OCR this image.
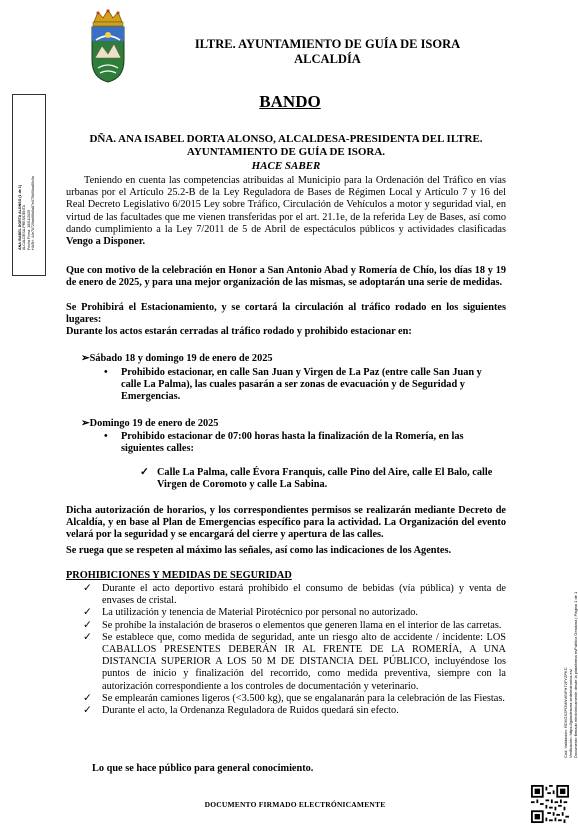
ILTRE. AYUNTAMIENTO DE GUÍA DE ISORA
ALCALDÍA
BANDO
ANA ISABEL DORTA ALONSO (1 de 1) ALCALDESA-PRESIDENTA Fecha Firma: 16/01/2025 HASH: 44e76729ab66b8a87e075b00ba80c0a
Cód. Validación: RDXGX2POMNWNFH72FYZPKC Verificación: https://guiadeisora.sedelectronica.es/ Documento firmado electrónicamente desde la plataforma esPublico Gestiona | Página 1 de 1
DÑA. ANA ISABEL DORTA ALONSO, ALCALDESA-PRESIDENTA DEL ILTRE.
AYUNTAMIENTO DE GUÍA DE ISORA.
HACE SABER

Teniendo en cuenta las competencias atribuidas al Municipio para la Ordenación del Tráfico en vías urbanas por el Artículo 25.2-B de la Ley Reguladora de Bases de Régimen Local y Artículo 7 y 16 del Real Decreto Legislativo 6/2015 Ley sobre Tráfico, Circulación de Vehículos a motor y seguridad vial, en virtud de las facultades que me vienen transferidas por el art. 21.1e, de la referida Ley de Bases, así como dando cumplimiento a la Ley 7/2011 de 5 de Abril de espectáculos públicos y actividades clasificadas Vengo a Disponer.

Que con motivo de la celebración en Honor a San Antonio Abad y Romería de Chío, los días 18 y 19 de enero de 2025, y para una mejor organización de las mismas, se adoptarán una serie de medidas.

Se Prohibirá el Estacionamiento, y se cortará la circulación al tráfico rodado en los siguientes lugares:

Durante los actos estarán cerradas al tráfico rodado y prohibido estacionar en:

➢Sábado 18 y domingo 19 de enero de 2025
•	Prohibido estacionar, en calle San Juan y Virgen de La Paz (entre calle San Juan y calle La Palma), las cuales pasarán a ser zonas de evacuación y de Seguridad y Emergencias.
➢Domingo 19 de enero de 2025
•	Prohibido estacionar de 07:00 horas hasta la finalización de la Romería, en las siguientes calles:
✓ Calle La Palma, calle Évora Franquis, calle Pino del Aire, calle El Balo, calle Virgen de Coromoto y calle La Sabina.

Dicha autorización de horarios, y los correspondientes permisos se realizarán mediante Decreto de Alcaldía, y en base al Plan de Emergencias específico para la actividad. La Organización del evento velará por la seguridad y se encargará del cierre y apertura de las calles.

Se ruega que se respeten al máximo las señales, así como las indicaciones de los Agentes.

PROHIBICIONES Y MEDIDAS DE SEGURIDAD
✓ Durante el acto deportivo estará prohibido el consumo de bebidas (vía pública) y venta de envases de cristal.
✓ La utilización y tenencia de Material Pirotécnico por personal no autorizado.
✓ Se prohíbe la instalación de braseros o elementos que generen llama en el interior de las carretas.
✓ Se establece que, como medida de seguridad, ante un riesgo alto de accidente / incidente: LOS CABALLOS PRESENTES DEBERÁN IR AL FRENTE DE LA ROMERÍA, A UNA DISTANCIA SUPERIOR A LOS 50 M DE DISTANCIA DEL PÚBLICO, incluyéndose los puntos de inicio y finalización del recorrido, como medida preventiva, siempre con la autorización correspondiente a los controles de documentación y veterinario.
✓ Se emplearán camiones ligeros (<3.500 kg), que se engalanarán para la celebración de las Fiestas.
✓ Durante el acto, la Ordenanza Reguladora de Ruidos quedará sin efecto.
Lo que se hace público para general conocimiento.
DOCUMENTO FIRMADO ELECTRÓNICAMENTE
